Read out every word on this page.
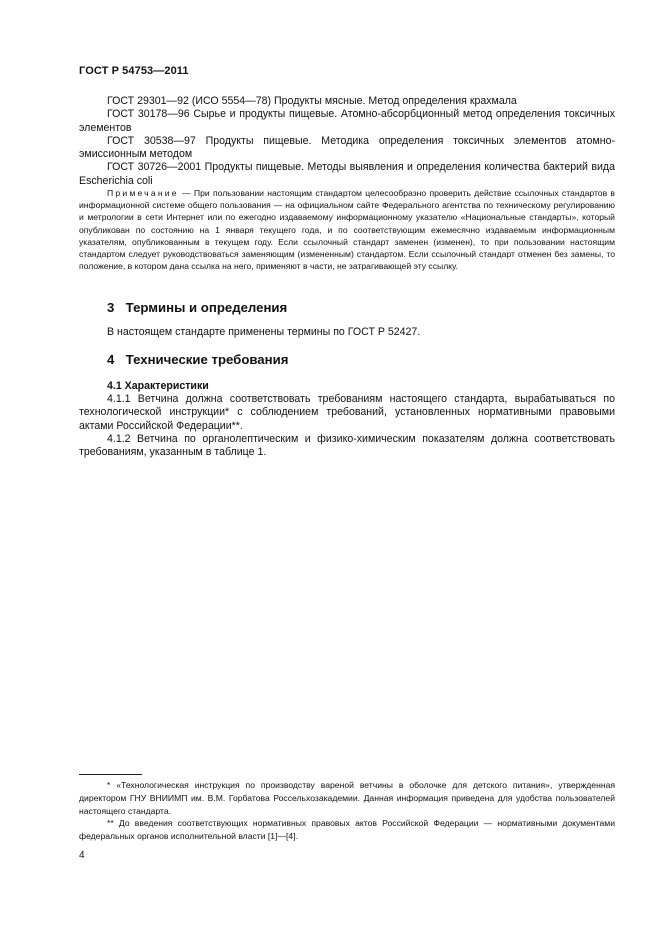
ГОСТ Р 54753—2011

ГОСТ 29301—92 (ИСО 5554—78) Продукты мясные. Метод определения крахмала

ГОСТ 30178—96 Сырье и продукты пищевые. Атомно-абсорбционный метод определения токсичных элементов

ГОСТ 30538—97 Продукты пищевые. Методика определения токсичных элементов атомно-эмиссионным методом

ГОСТ 30726—2001 Продукты пищевые. Методы выявления и определения количества бактерий вида Escherichia coli

Примечание — При пользовании настоящим стандартом целесообразно проверить действие ссылочных стандартов в информационной системе общего пользования — на официальном сайте Федерального агентства по техническому регулированию и метрологии в сети Интернет или по ежегодно издаваемому информационному указателю «Национальные стандарты», который опубликован по состоянию на 1 января текущего года, и по соответствующим ежемесячно издаваемым информационным указателям, опубликованным в текущем году. Если ссылочный стандарт заменен (изменен), то при пользовании настоящим стандартом следует руководствоваться заменяющим (измененным) стандартом. Если ссылочный стандарт отменен без замены, то положение, в котором дана ссылка на него, применяют в части, не затрагивающей эту ссылку.

3 Термины и определения

В настоящем стандарте применены термины по ГОСТ Р 52427.

4 Технические требования
4.1 Характеристики

4.1.1 Ветчина должна соответствовать требованиям настоящего стандарта, вырабатываться по технологической инструкции* с соблюдением требований, установленных нормативными правовыми актами Российской Федерации**.

4.1.2 Ветчина по органолептическим и физико-химическим показателям должна соответствовать требованиям, указанным в таблице 1.

* «Технологическая инструкция по производству вареной ветчины в оболочке для детского питания», утвержденная директором ГНУ ВНИИМП им. В.М. Горбатова Россельхозакадемии. Данная информация приведена для удобства пользователей настоящего стандарта.

** До введения соответствующих нормативных правовых актов Российской Федерации — нормативными документами федеральных органов исполнительной власти [1]—[4].

4
